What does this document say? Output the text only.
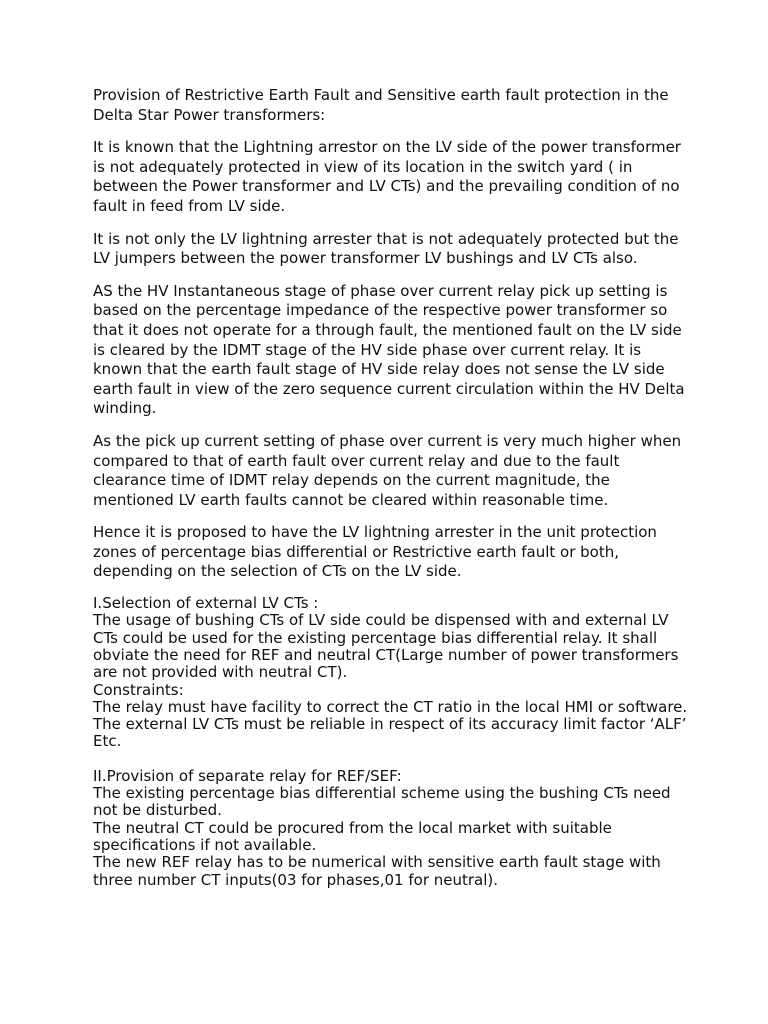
Provision of Restrictive Earth Fault and Sensitive earth fault protection in the Delta Star Power transformers:

It is known that the Lightning arrestor on the LV side of the power transformer is not adequately protected in view of its location in the switch yard ( in between the Power transformer and LV CTs) and the prevailing condition of no fault in feed from LV side.

It is not only the LV lightning arrester that is not adequately protected but the LV jumpers between the power transformer LV bushings and LV CTs also.

AS the HV Instantaneous stage of phase over current relay pick up setting is based on the percentage impedance of the respective power transformer so that it does not operate for a through fault, the mentioned fault on the LV side is cleared by the IDMT stage of the HV side phase over current relay. It is known that the earth fault stage of HV side relay does not sense the LV side earth fault in view of the zero sequence current circulation within the HV Delta winding.

As the pick up current setting of phase over current is very much higher when compared to that of earth fault over current relay and due to the fault clearance time of IDMT relay depends on the current magnitude, the mentioned LV earth faults cannot be cleared within reasonable time.

Hence it is proposed to have the LV lightning arrester in the unit protection zones of percentage bias differential or Restrictive earth fault or both, depending on the selection of CTs on the LV side.

I.Selection of external LV CTs :
The usage of bushing CTs of LV side could be dispensed with and external LV CTs could be used for the existing percentage bias differential relay. It shall obviate the need for REF and neutral CT(Large number of power transformers are not provided with neutral CT).
Constraints:
The relay must have facility to correct the CT ratio in the local HMI or software.
The external LV CTs must be reliable in respect of its accuracy limit factor ‘ALF’ Etc.
II.Provision of separate relay for REF/SEF:
The existing percentage bias differential scheme using the bushing CTs need not be disturbed.
The neutral CT could be procured from the local market with suitable specifications if not available.
The new REF relay has to be numerical with sensitive earth fault stage with three number CT inputs(03 for phases,01 for neutral).
